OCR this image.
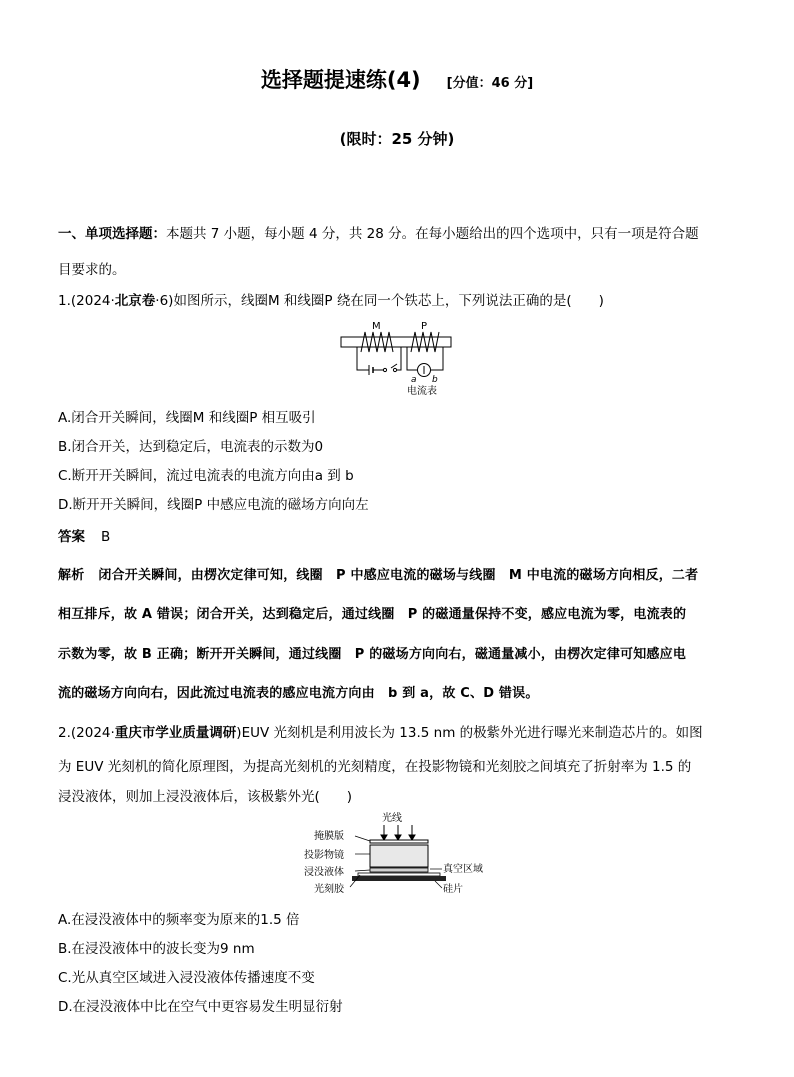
选择题提速练(4) [分值：46 分]
(限时：25 分钟)
一、单项选择题：本题共 7 小题，每小题 4 分，共 28 分。在每小题给出的四个选项中，只有一项是符合题
目要求的。
1.(2024·北京卷·6)如图所示，线圈M 和线圈P 绕在同一个铁芯上，下列说法正确的是(　　)
M	P
a b
电流表
A.闭合开关瞬间，线圈M 和线圈P 相互吸引
B.闭合开关，达到稳定后，电流表的示数为0
C.断开开关瞬间，流过电流表的电流方向由a 到 b
D.断开开关瞬间，线圈P 中感应电流的磁场方向向左
答案 B
解析 闭合开关瞬间，由楞次定律可知，线圈　P 中感应电流的磁场与线圈　M 中电流的磁场方向相反，二者
相互排斥，故 A 错误；闭合开关，达到稳定后，通过线圈　P 的磁通量保持不变，感应电流为零，电流表的
示数为零，故 B 正确；断开开关瞬间，通过线圈　P 的磁场方向向右，磁通量减小，由楞次定律可知感应电
流的磁场方向向右，因此流过电流表的感应电流方向由　b 到 a，故 C、D 错误。
2.(2024·重庆市学业质量调研)EUV 光刻机是利用波长为 13.5 nm 的极紫外光进行曝光来制造芯片的。如图
为 EUV 光刻机的简化原理图，为提高光刻机的光刻精度，在投影物镜和光刻胶之间填充了折射率为 1.5 的
浸没液体，则加上浸没液体后，该极紫外光(　　)
光线
掩膜版
投影物镜
浸没液体
光刻胶
真空区域
硅片
A.在浸没液体中的频率变为原来的1.5 倍
B.在浸没液体中的波长变为9 nm
C.光从真空区域进入浸没液体传播速度不变
D.在浸没液体中比在空气中更容易发生明显衍射
